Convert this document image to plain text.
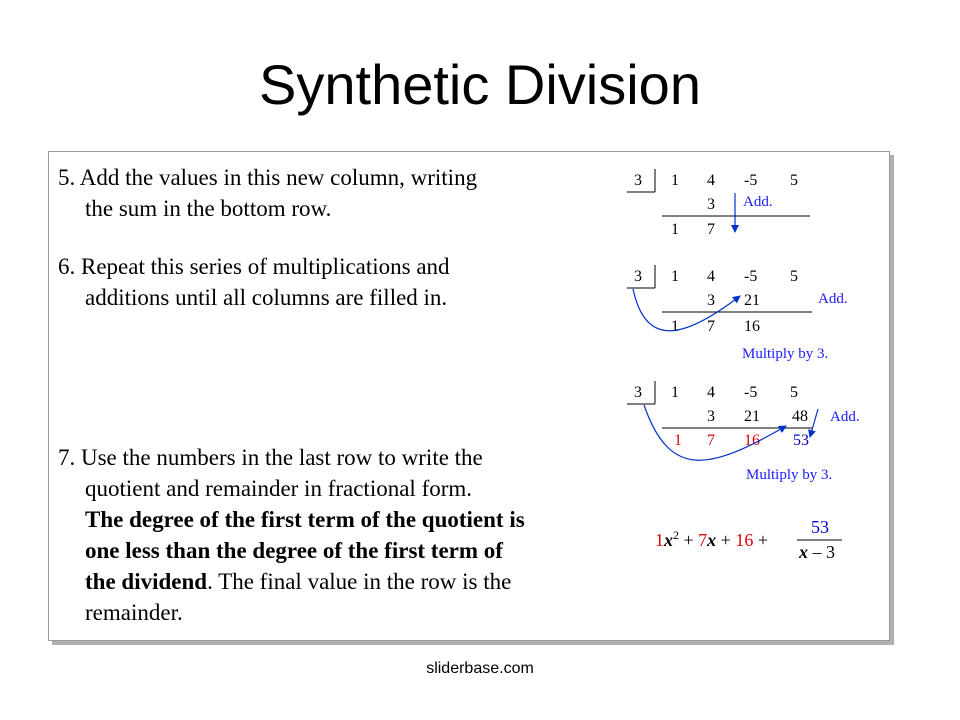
Synthetic Division
5. Add the values in this new column, writing
the sum in the bottom row.
6. Repeat this series of multiplications and
additions until all columns are filled in.
7. Use the numbers in the last row to write the
quotient and remainder in fractional form.
The degree of the first term of the quotient is
one less than the degree of the first term of
the dividend. The final value in the row is the
remainder.
3 1 4 -5 5
3 Add.
1 7
3 1 4 -5 5
3 21	Add.
1 7 16
Multiply by 3.
3 1 4 -5 5
3 21 48 Add.
1 7 16 53
Multiply by 3.
$1x^2 + 7x + 16$ +
53
x – 3
sliderbase.com
